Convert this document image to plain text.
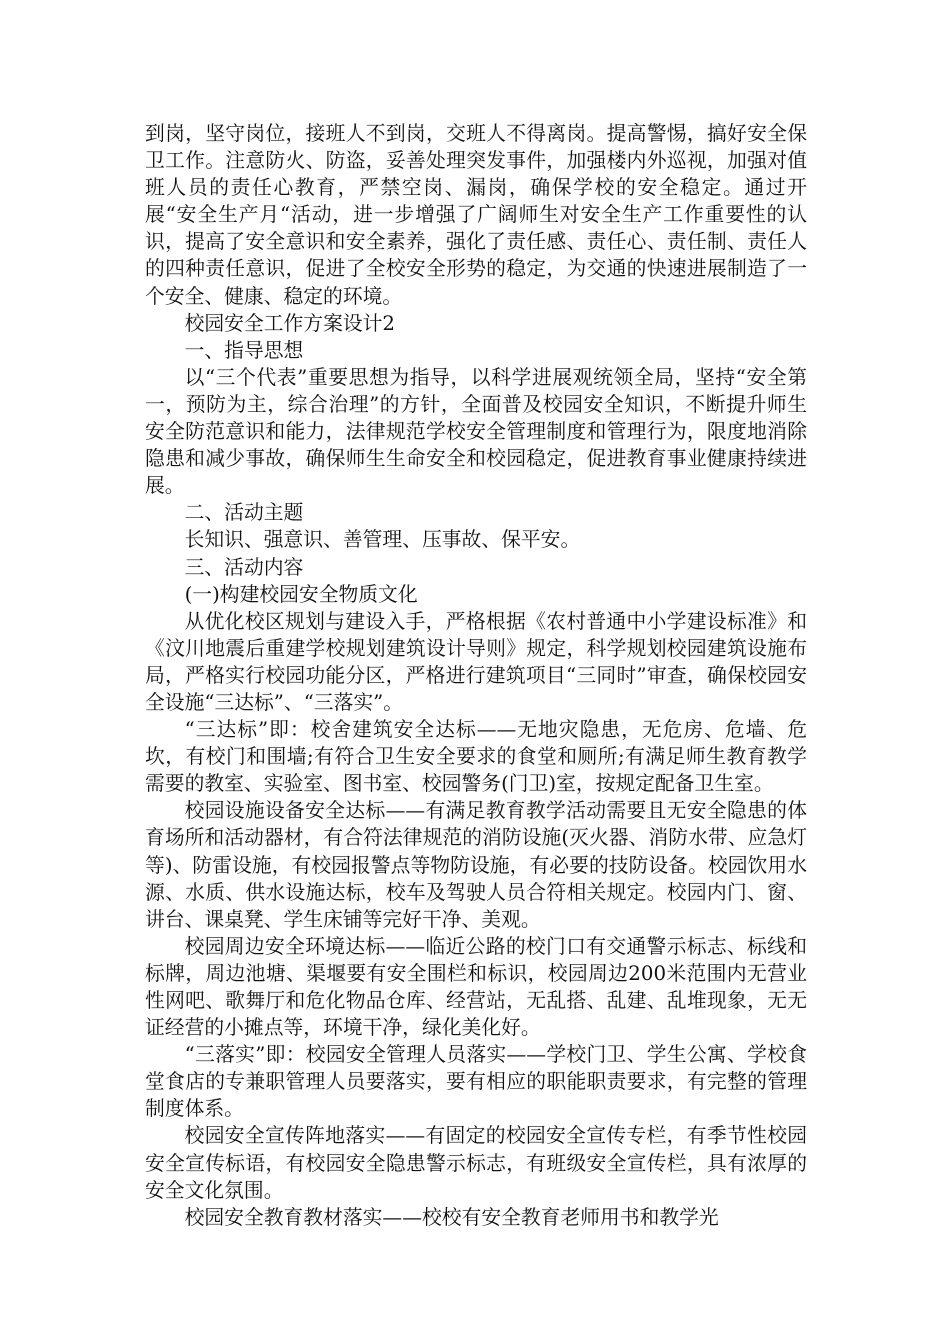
到岗，坚守岗位，接班人不到岗，交班人不得离岗。提高警惕，搞好安全保卫工作。注意防火、防盗，妥善处理突发事件，加强楼内外巡视，加强对值班人员的责任心教育，严禁空岗、漏岗，确保学校的安全稳定。通过开展“安全生产月“活动，进一步增强了广阔师生对安全生产工作重要性的认识，提高了安全意识和安全素养，强化了责任感、责任心、责任制、责任人的四种责任意识，促进了全校安全形势的稳定，为交通的快速进展制造了一个安全、健康、稳定的环境。

校园安全工作方案设计2

一、指导思想

以“三个代表”重要思想为指导，以科学进展观统领全局，坚持“安全第一，预防为主，综合治理”的方针，全面普及校园安全知识，不断提升师生安全防范意识和能力，法律规范学校安全管理制度和管理行为，限度地消除隐患和减少事故，确保师生生命安全和校园稳定，促进教育事业健康持续进展。

二、活动主题

长知识、强意识、善管理、压事故、保平安。

三、活动内容

(一)构建校园安全物质文化

从优化校区规划与建设入手，严格根据《农村普通中小学建设标准》和《汶川地震后重建学校规划建筑设计导则》规定，科学规划校园建筑设施布局，严格实行校园功能分区，严格进行建筑项目“三同时”审查，确保校园安全设施“三达标”、“三落实”。

“三达标”即：校舍建筑安全达标——无地灾隐患，无危房、危墙、危坎，有校门和围墙;有符合卫生安全要求的食堂和厕所;有满足师生教育教学需要的教室、实验室、图书室、校园警务(门卫)室，按规定配备卫生室。

校园设施设备安全达标——有满足教育教学活动需要且无安全隐患的体育场所和活动器材，有合符法律规范的消防设施(灭火器、消防水带、应急灯等)、防雷设施，有校园报警点等物防设施，有必要的技防设备。校园饮用水源、水质、供水设施达标，校车及驾驶人员合符相关规定。校园内门、窗、讲台、课桌凳、学生床铺等完好干净、美观。

校园周边安全环境达标——临近公路的校门口有交通警示标志、标线和标牌，周边池塘、渠堰要有安全围栏和标识，校园周边200米范围内无营业性网吧、歌舞厅和危化物品仓库、经营站，无乱搭、乱建、乱堆现象，无无证经营的小摊点等，环境干净，绿化美化好。

“三落实”即：校园安全管理人员落实——学校门卫、学生公寓、学校食堂食店的专兼职管理人员要落实，要有相应的职能职责要求，有完整的管理制度体系。

校园安全宣传阵地落实——有固定的校园安全宣传专栏，有季节性校园安全宣传标语，有校园安全隐患警示标志，有班级安全宣传栏，具有浓厚的安全文化氛围。

校园安全教育教材落实——校校有安全教育老师用书和教学光
